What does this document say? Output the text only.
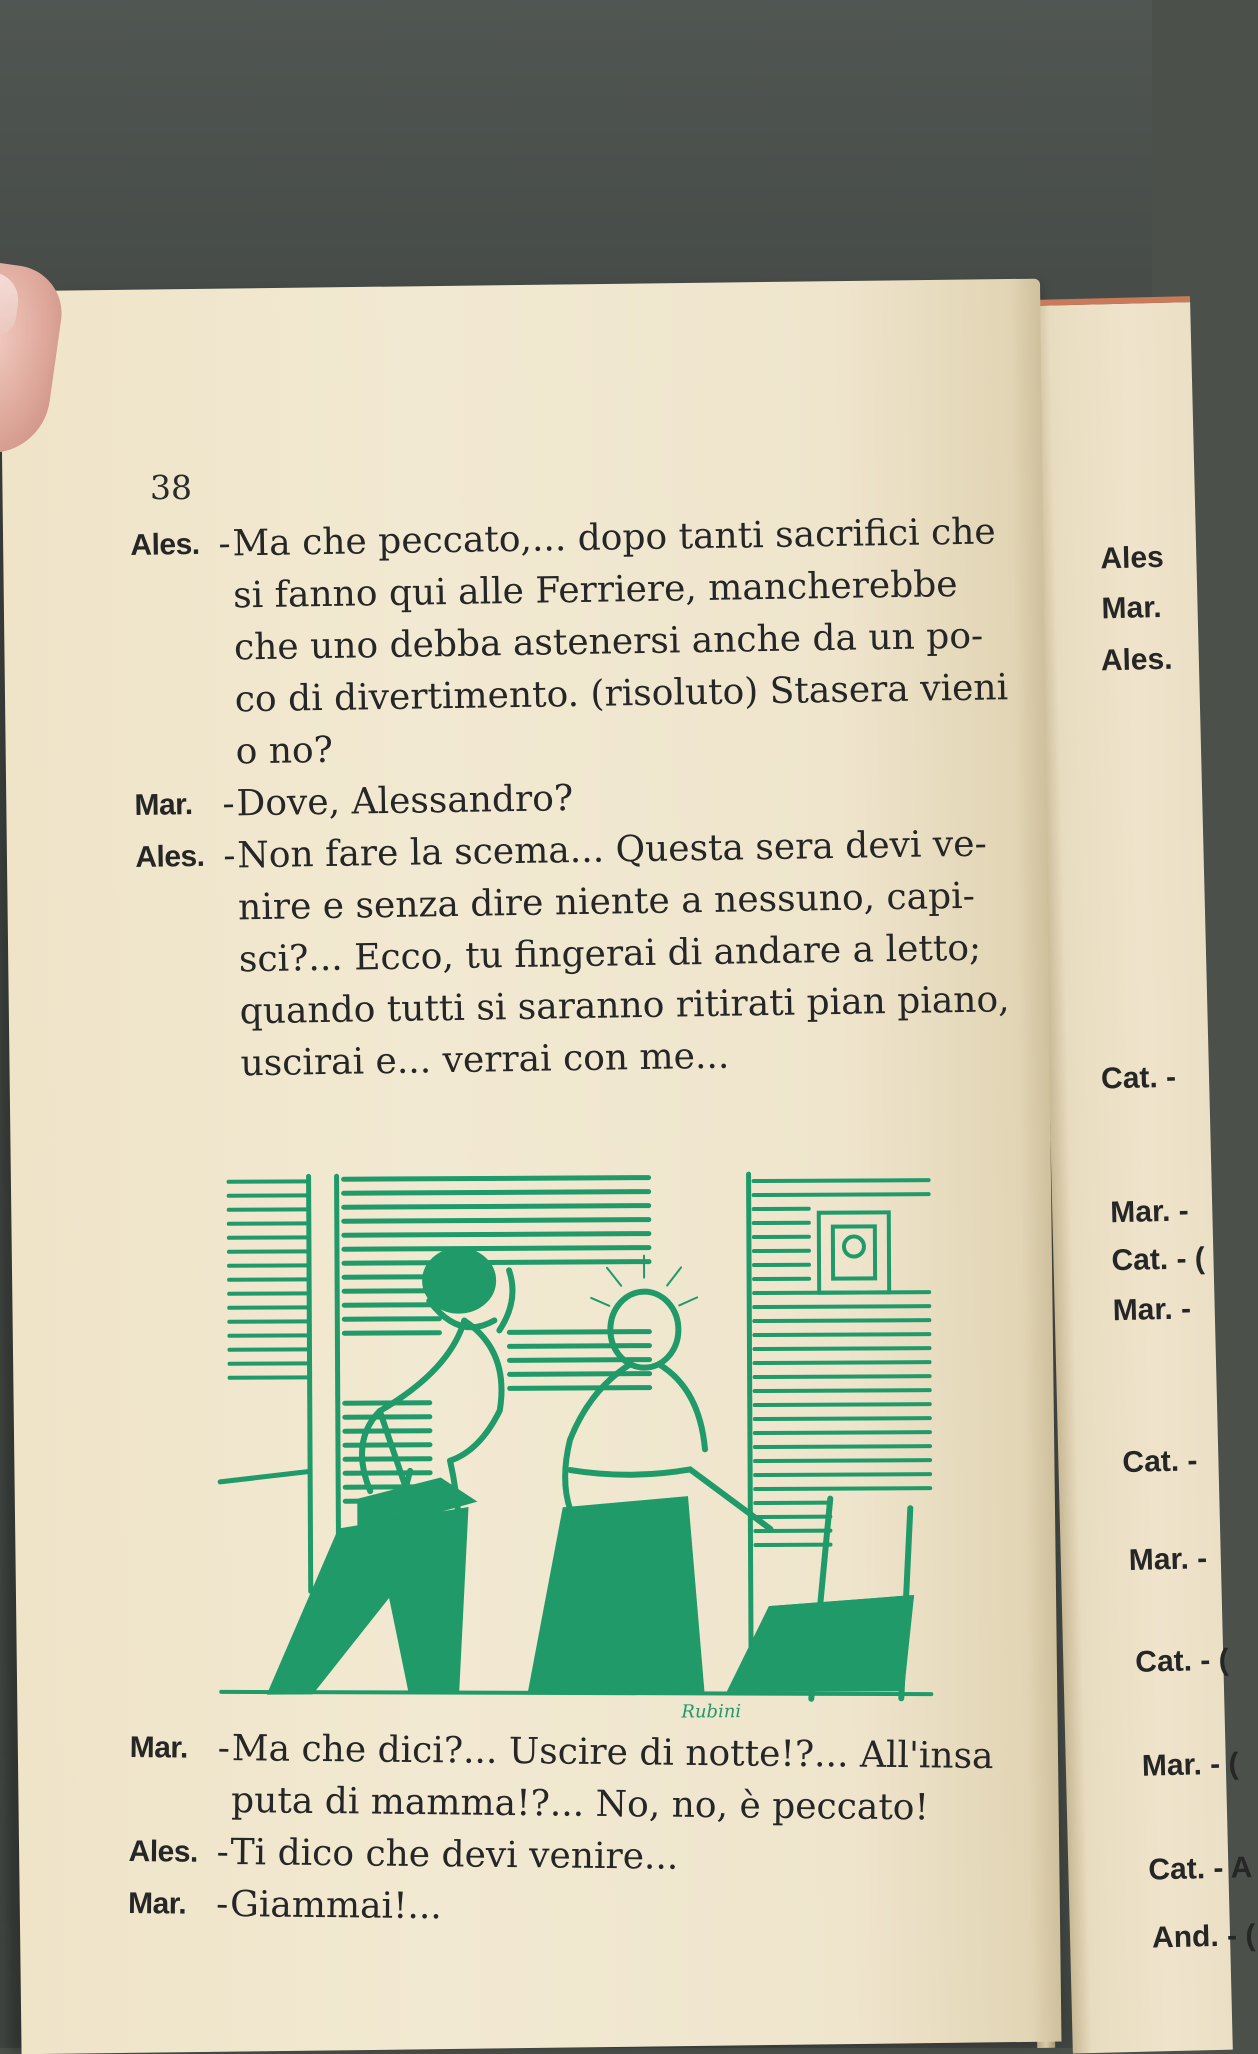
Ales
Mar.
Ales.
Cat. -
Mar. -
Cat. - (
Mar. -
Cat. -
Mar. -
Cat. - (
Mar. - (
Cat. - A
And. - (

38

Ales. - Ma che peccato,... dopo tanti sacrifici che
si fanno qui alle Ferriere, mancherebbe
che uno debba astenersi anche da un po-
co di divertimento. (risoluto) Stasera vieni
o no?
Mar. - Dove, Alessandro?
Ales. - Non fare la scema... Questa sera devi ve-
nire e senza dire niente a nessuno, capi-
sci?... Ecco, tu fingerai di andare a letto;
quando tutti si saranno ritirati pian piano,
uscirai e... verrai con me...
Rubini
Mar. - Ma che dici?... Uscire di notte!?... All'insa
puta di mamma!?... No, no, è peccato!
Ales. - Ti dico che devi venire...
Mar. - Giammai!...
